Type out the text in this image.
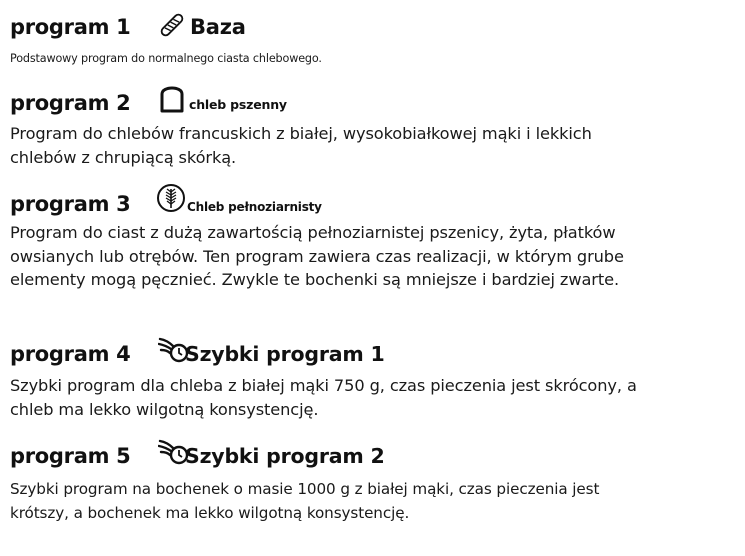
program 1	Baza
Podstawowy program do normalnego ciasta chlebowego.
program 2	chleb pszenny
Program do chlebów francuskich z białej, wysokobiałkowej mąki i lekkich
chlebów z chrupiącą skórką.
program 3	Chleb pełnoziarnisty
Program do ciast z dużą zawartością pełnoziarnistej pszenicy, żyta, płatków
owsianych lub otrębów. Ten program zawiera czas realizacji, w którym grube
elementy mogą pęcznieć. Zwykle te bochenki są mniejsze i bardziej zwarte.
program 4	Szybki program 1
Szybki program dla chleba z białej mąki 750 g, czas pieczenia jest skrócony, a
chleb ma lekko wilgotną konsystencję.
program 5	Szybki program 2
Szybki program na bochenek o masie 1000 g z białej mąki, czas pieczenia jest
krótszy, a bochenek ma lekko wilgotną konsystencję.
